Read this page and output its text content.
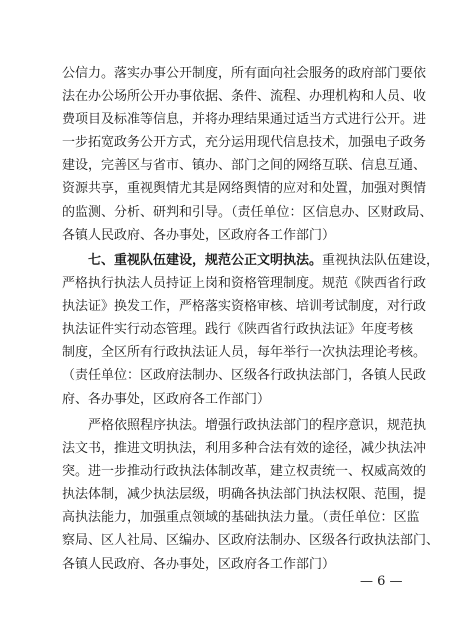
公信力。落实办事公开制度，所有面向社会服务的政府部门要依
法在办公场所公开办事依据、条件、流程、办理机构和人员、收
费项目及标准等信息，并将办理结果通过适当方式进行公开。进
一步拓宽政务公开方式，充分运用现代信息技术，加强电子政务
建设，完善区与省市、镇办、部门之间的网络互联、信息互通、
资源共享，重视舆情尤其是网络舆情的应对和处置，加强对舆情
的监测、分析、研判和引导。（责任单位：区信息办、区财政局、
各镇人民政府、各办事处，区政府各工作部门）
七、重视队伍建设，规范公正文明执法。重视执法队伍建设，
严格执行执法人员持证上岗和资格管理制度。规范《陕西省行政
执法证》换发工作，严格落实资格审核、培训考试制度，对行政
执法证件实行动态管理。践行《陕西省行政执法证》年度考核
制度，全区所有行政执法证人员，每年举行一次执法理论考核。
（责任单位：区政府法制办、区级各行政执法部门，各镇人民政
府、各办事处，区政府各工作部门）
严格依照程序执法。增强行政执法部门的程序意识，规范执
法文书，推进文明执法，利用多种合法有效的途径，减少执法冲
突。进一步推动行政执法体制改革，建立权责统一、权威高效的
执法体制，减少执法层级，明确各执法部门执法权限、范围，提
高执法能力，加强重点领域的基础执法力量。（责任单位：区监
察局、区人社局、区编办、区政府法制办、区级各行政执法部门、
各镇人民政府、各办事处，区政府各工作部门）
— 6 —
